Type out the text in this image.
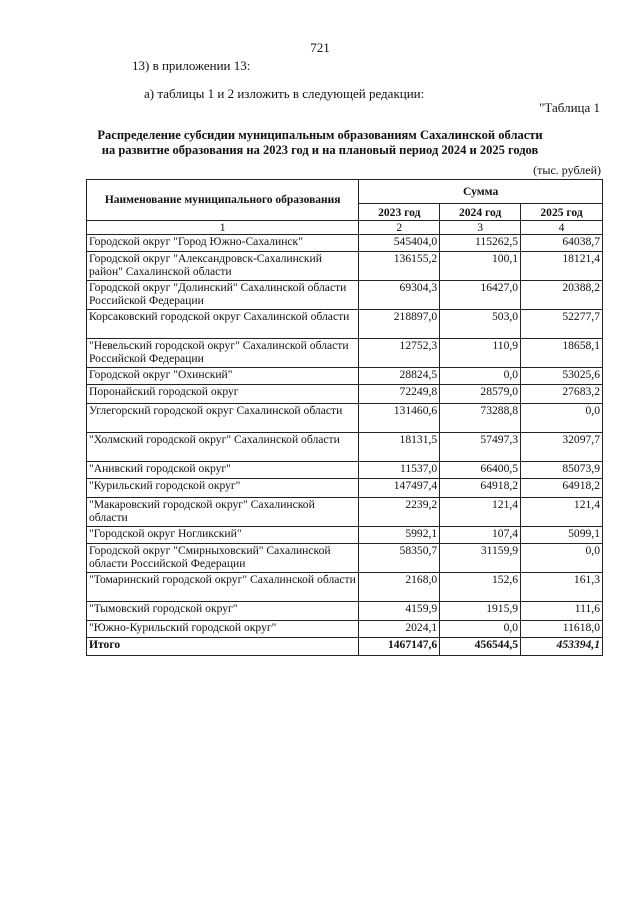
721
13) в приложении 13:
а) таблицы 1 и 2 изложить в следующей редакции:
"Таблица 1
Распределение субсидии муниципальным образованиям Сахалинской области
на развитие образования на 2023 год и на плановый период 2024 и 2025 годов
(тыс. рублей)
Наименование муниципального образования	Сумма		
	2023 год	2024 год	2025 год
1	2	3	4
Городской округ "Город Южно-Сахалинск"	545404,0	115262,5	64038,7
Городской округ "Александровск-Сахалинский район" Сахалинской области	136155,2	100,1	18121,4
Городской округ "Долинский" Сахалинской области Российской Федерации	69304,3	16427,0	20388,2
Корсаковский городской округ Сахалинской области	218897,0	503,0	52277,7
"Невельский городской округ" Сахалинской области Российской Федерации	12752,3	110,9	18658,1
Городской округ "Охинский"	28824,5	0,0	53025,6
Поронайский городской округ	72249,8	28579,0	27683,2
Углегорский городской округ Сахалинской области	131460,6	73288,8	0,0
"Холмский городской округ" Сахалинской области	18131,5	57497,3	32097,7
"Анивский городской округ"	11537,0	66400,5	85073,9
"Курильский городской округ"	147497,4	64918,2	64918,2
"Макаровский городской округ" Сахалинской области	2239,2	121,4	121,4
"Городской округ Ногликский"	5992,1	107,4	5099,1
Городской округ "Смирныховский" Сахалинской области Российской Федерации	58350,7	31159,9	0,0
"Томаринский городской округ" Сахалинской области	2168,0	152,6	161,3
"Тымовский городской округ"	4159,9	1915,9	111,6
"Южно-Курильский городской округ"	2024,1	0,0	11618,0
Итого	1467147,6	456544,5	453394,1
